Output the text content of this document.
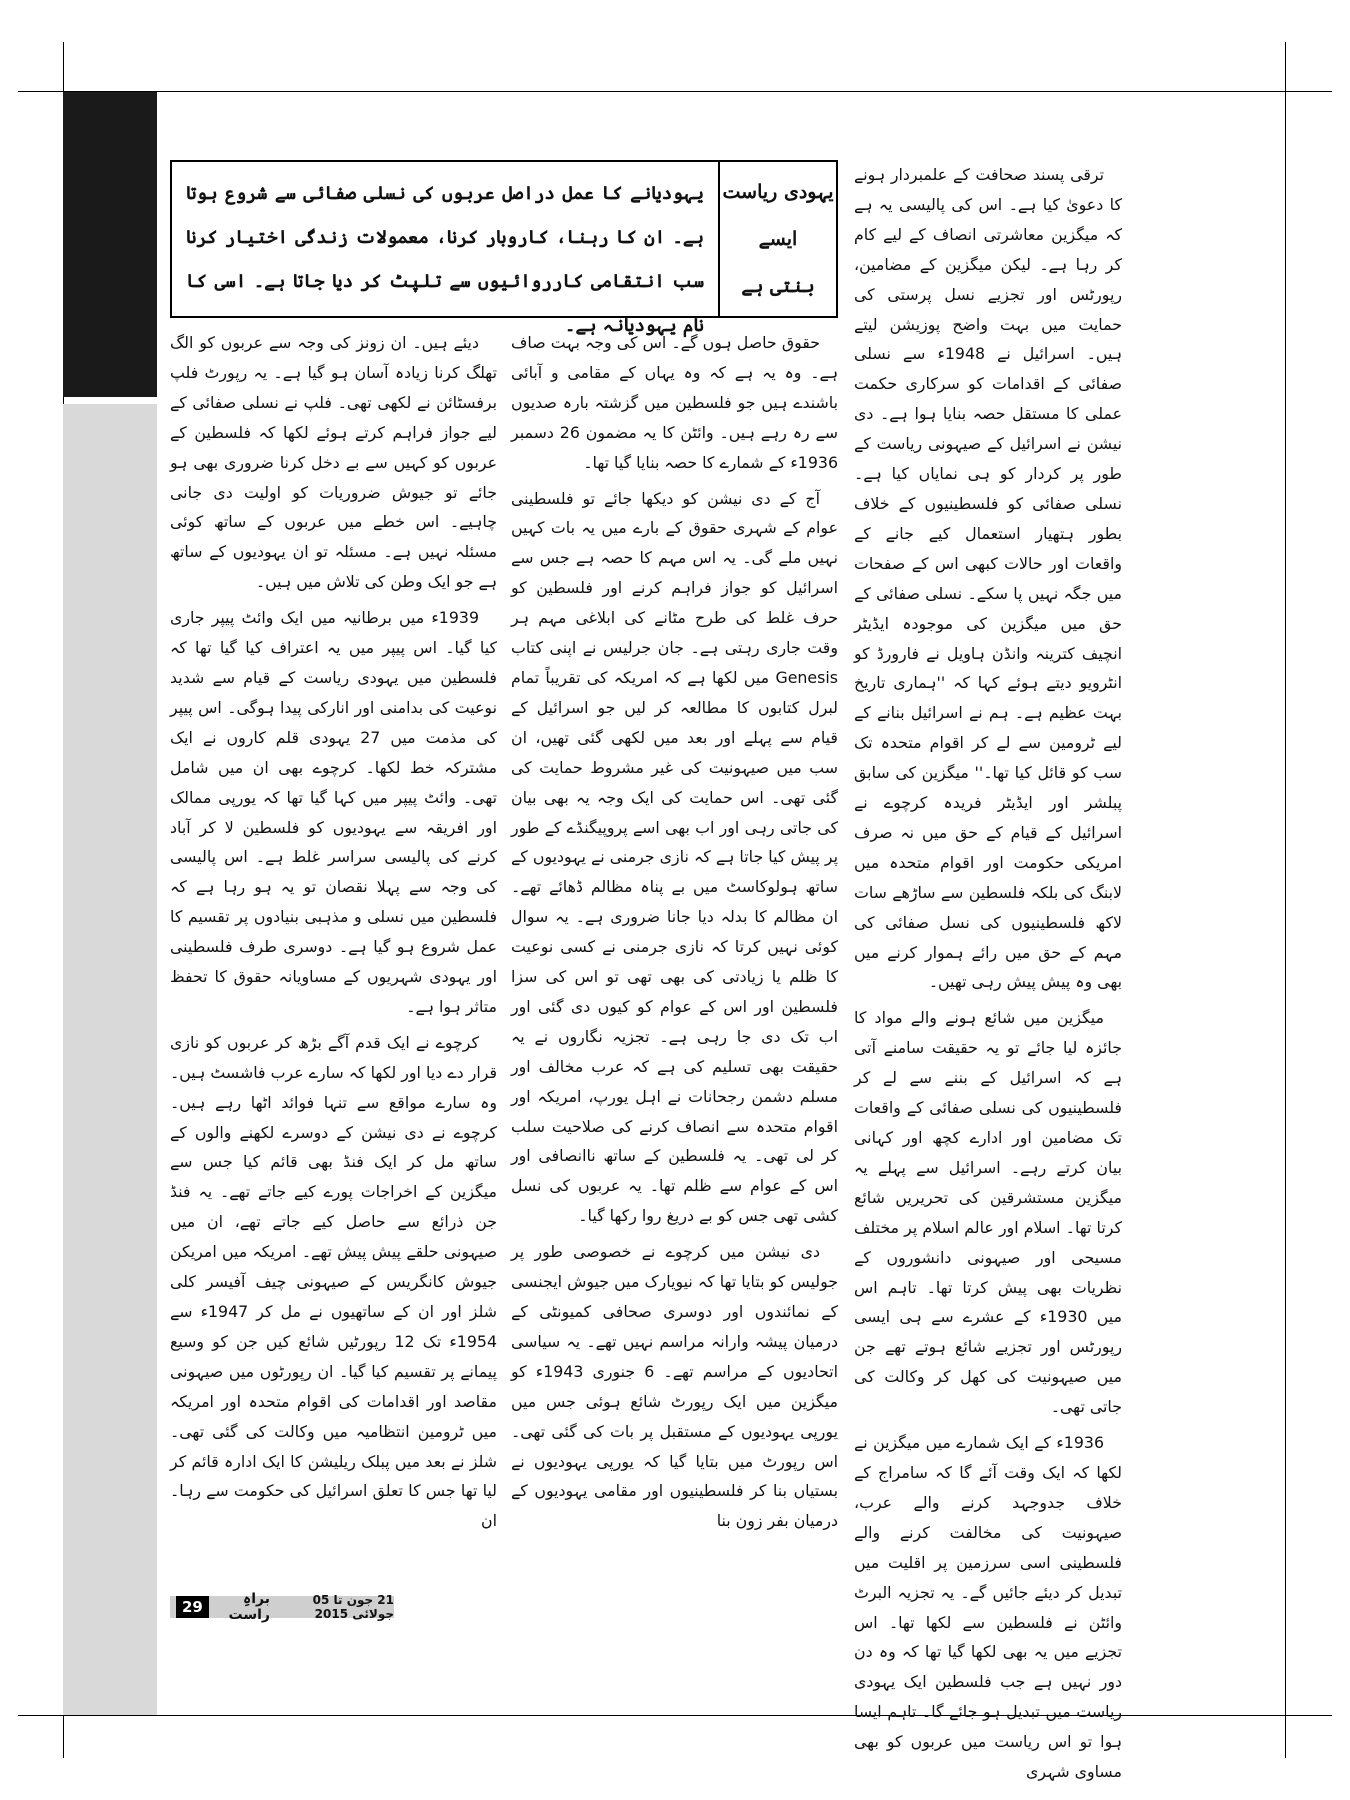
یہودی ریاست
ایسے
بنتی ہے
یہودیانے کا عمل دراصل عربوں کی نسلی صفائی سے شروع ہوتا ہے۔ ان کا رہنا، کاروبار کرنا، معمولات زندگی اختیار کرنا سب انتقامی کارروائیوں سے تلپٹ کر دیا جاتا ہے۔ اسی کا نام یہودیانہ ہے۔

ترقی پسند صحافت کے علمبردار ہونے کا دعویٰ کیا ہے۔ اس کی پالیسی یہ ہے کہ میگزین معاشرتی انصاف کے لیے کام کر رہا ہے۔ لیکن میگزین کے مضامین، رپورٹس اور تجزیے نسل پرستی کی حمایت میں بہت واضح پوزیشن لیتے ہیں۔ اسرائیل نے 1948ء سے نسلی صفائی کے اقدامات کو سرکاری حکمت عملی کا مستقل حصہ بنایا ہوا ہے۔ دی نیشن نے اسرائیل کے صیہونی ریاست کے طور پر کردار کو ہی نمایاں کیا ہے۔ نسلی صفائی کو فلسطینیوں کے خلاف بطور ہتھیار استعمال کیے جانے کے واقعات اور حالات کبھی اس کے صفحات میں جگہ نہیں پا سکے۔ نسلی صفائی کے حق میں میگزین کی موجودہ ایڈیٹر انچیف کترینہ وانڈن ہاویل نے فارورڈ کو انٹرویو دیتے ہوئے کہا کہ ''ہماری تاریخ بہت عظیم ہے۔ ہم نے اسرائیل بنانے کے لیے ٹرومین سے لے کر اقوام متحدہ تک سب کو قائل کیا تھا۔'' میگزین کی سابق پبلشر اور ایڈیٹر فریدہ کرچوے نے اسرائیل کے قیام کے حق میں نہ صرف امریکی حکومت اور اقوام متحدہ میں لابنگ کی بلکہ فلسطین سے ساڑھے سات لاکھ فلسطینیوں کی نسل صفائی کی مہم کے حق میں رائے ہموار کرنے میں بھی وہ پیش پیش رہی تھیں۔

میگزین میں شائع ہونے والے مواد کا جائزہ لیا جائے تو یہ حقیقت سامنے آتی ہے کہ اسرائیل کے بننے سے لے کر فلسطینیوں کی نسلی صفائی کے واقعات تک مضامین اور ادارے کچھ اور کہانی بیان کرتے رہے۔ اسرائیل سے پہلے یہ میگزین مستشرقین کی تحریریں شائع کرتا تھا۔ اسلام اور عالم اسلام پر مختلف مسیحی اور صیہونی دانشوروں کے نظریات بھی پیش کرتا تھا۔ تاہم اس میں 1930ء کے عشرے سے ہی ایسی رپورٹس اور تجزیے شائع ہوتے تھے جن میں صیہونیت کی کھل کر وکالت کی جاتی تھی۔

1936ء کے ایک شمارے میں میگزین نے لکھا کہ ایک وقت آئے گا کہ سامراج کے خلاف جدوجہد کرنے والے عرب، صیہونیت کی مخالفت کرنے والے فلسطینی اسی سرزمین پر اقلیت میں تبدیل کر دیئے جائیں گے۔ یہ تجزیہ البرٹ وائٹن نے فلسطین سے لکھا تھا۔ اس تجزیے میں یہ بھی لکھا گیا تھا کہ وہ دن دور نہیں ہے جب فلسطین ایک یہودی ریاست میں تبدیل ہو جائے گا۔ تاہم ایسا ہوا تو اس ریاست میں عربوں کو بھی مساوی شہری

حقوق حاصل ہوں گے۔ اس کی وجہ بہت صاف ہے۔ وہ یہ ہے کہ وہ یہاں کے مقامی و آبائی باشندے ہیں جو فلسطین میں گزشتہ بارہ صدیوں سے رہ رہے ہیں۔ وائٹن کا یہ مضمون 26 دسمبر 1936ء کے شمارے کا حصہ بنایا گیا تھا۔

آج کے دی نیشن کو دیکھا جائے تو فلسطینی عوام کے شہری حقوق کے بارے میں یہ بات کہیں نہیں ملے گی۔ یہ اس مہم کا حصہ ہے جس سے اسرائیل کو جواز فراہم کرنے اور فلسطین کو حرف غلط کی طرح مٹانے کی ابلاغی مہم ہر وقت جاری رہتی ہے۔ جان جرلیس نے اپنی کتاب Genesis میں لکھا ہے کہ امریکہ کی تقریباً تمام لبرل کتابوں کا مطالعہ کر لیں جو اسرائیل کے قیام سے پہلے اور بعد میں لکھی گئی تھیں، ان سب میں صیہونیت کی غیر مشروط حمایت کی گئی تھی۔ اس حمایت کی ایک وجہ یہ بھی بیان کی جاتی رہی اور اب بھی اسے پروپیگنڈے کے طور پر پیش کیا جاتا ہے کہ نازی جرمنی نے یہودیوں کے ساتھ ہولوکاسٹ میں بے پناہ مظالم ڈھائے تھے۔ ان مظالم کا بدلہ دیا جانا ضروری ہے۔ یہ سوال کوئی نہیں کرتا کہ نازی جرمنی نے کسی نوعیت کا ظلم یا زیادتی کی بھی تھی تو اس کی سزا فلسطین اور اس کے عوام کو کیوں دی گئی اور اب تک دی جا رہی ہے۔ تجزیہ نگاروں نے یہ حقیقت بھی تسلیم کی ہے کہ عرب مخالف اور مسلم دشمن رجحانات نے اہل یورپ، امریکہ اور اقوام متحدہ سے انصاف کرنے کی صلاحیت سلب کر لی تھی۔ یہ فلسطین کے ساتھ ناانصافی اور اس کے عوام سے ظلم تھا۔ یہ عربوں کی نسل کشی تھی جس کو بے دریغ روا رکھا گیا۔

دی نیشن میں کرچوے نے خصوصی طور پر جولیس کو بتایا تھا کہ نیویارک میں جیوش ایجنسی کے نمائندوں اور دوسری صحافی کمیونٹی کے درمیان پیشہ وارانہ مراسم نہیں تھے۔ یہ سیاسی اتحادیوں کے مراسم تھے۔ 6 جنوری 1943ء کو میگزین میں ایک رپورٹ شائع ہوئی جس میں یورپی یہودیوں کے مستقبل پر بات کی گئی تھی۔ اس رپورٹ میں بتایا گیا کہ یورپی یہودیوں نے بستیاں بنا کر فلسطینیوں اور مقامی یہودیوں کے درمیان بفر زون بنا

دیئے ہیں۔ ان زونز کی وجہ سے عربوں کو الگ تھلگ کرنا زیادہ آسان ہو گیا ہے۔ یہ رپورٹ فلپ برفسٹائن نے لکھی تھی۔ فلپ نے نسلی صفائی کے لیے جواز فراہم کرتے ہوئے لکھا کہ فلسطین کے عربوں کو کہیں سے بے دخل کرنا ضروری بھی ہو جائے تو جیوش ضروریات کو اولیت دی جانی چاہیے۔ اس خطے میں عربوں کے ساتھ کوئی مسئلہ نہیں ہے۔ مسئلہ تو ان یہودیوں کے ساتھ ہے جو ایک وطن کی تلاش میں ہیں۔

1939ء میں برطانیہ میں ایک وائٹ پیپر جاری کیا گیا۔ اس پیپر میں یہ اعتراف کیا گیا تھا کہ فلسطین میں یہودی ریاست کے قیام سے شدید نوعیت کی بدامنی اور انارکی پیدا ہوگی۔ اس پیپر کی مذمت میں 27 یہودی قلم کاروں نے ایک مشترکہ خط لکھا۔ کرچوے بھی ان میں شامل تھی۔ وائٹ پیپر میں کہا گیا تھا کہ یورپی ممالک اور افریقہ سے یہودیوں کو فلسطین لا کر آباد کرنے کی پالیسی سراسر غلط ہے۔ اس پالیسی کی وجہ سے پہلا نقصان تو یہ ہو رہا ہے کہ فلسطین میں نسلی و مذہبی بنیادوں پر تقسیم کا عمل شروع ہو گیا ہے۔ دوسری طرف فلسطینی اور یہودی شہریوں کے مساویانہ حقوق کا تحفظ متاثر ہوا ہے۔

کرچوے نے ایک قدم آگے بڑھ کر عربوں کو نازی قرار دے دیا اور لکھا کہ سارے عرب فاشسٹ ہیں۔ وہ سارے مواقع سے تنہا فوائد اٹھا رہے ہیں۔ کرچوے نے دی نیشن کے دوسرے لکھنے والوں کے ساتھ مل کر ایک فنڈ بھی قائم کیا جس سے میگزین کے اخراجات پورے کیے جاتے تھے۔ یہ فنڈ جن ذرائع سے حاصل کیے جاتے تھے، ان میں صیہونی حلقے پیش پیش تھے۔ امریکہ میں امریکن جیوش کانگریس کے صیہونی چیف آفیسر کلی شلز اور ان کے ساتھیوں نے مل کر 1947ء سے 1954ء تک 12 رپورٹیں شائع کیں جن کو وسیع پیمانے پر تقسیم کیا گیا۔ ان رپورٹوں میں صیہونی مقاصد اور اقدامات کی اقوام متحدہ اور امریکہ میں ٹرومین انتظامیہ میں وکالت کی گئی تھی۔ شلز نے بعد میں پبلک ریلیشن کا ایک ادارہ قائم کر لیا تھا جس کا تعلق اسرائیل کی حکومت سے رہا۔ ان

21 جون تا 05 جولائی 2015
براہِ راست
29
